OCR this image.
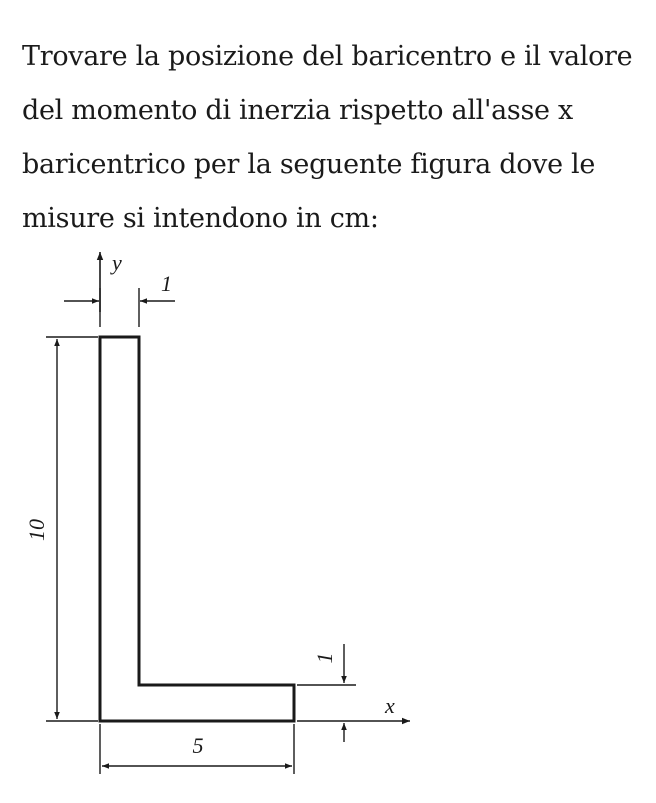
Trovare la posizione del baricentro e il valore
del momento di inerzia rispetto all'asse x
baricentrico per la seguente figura dove le
misure si intendono in cm:
y
1
10
1
x
5
